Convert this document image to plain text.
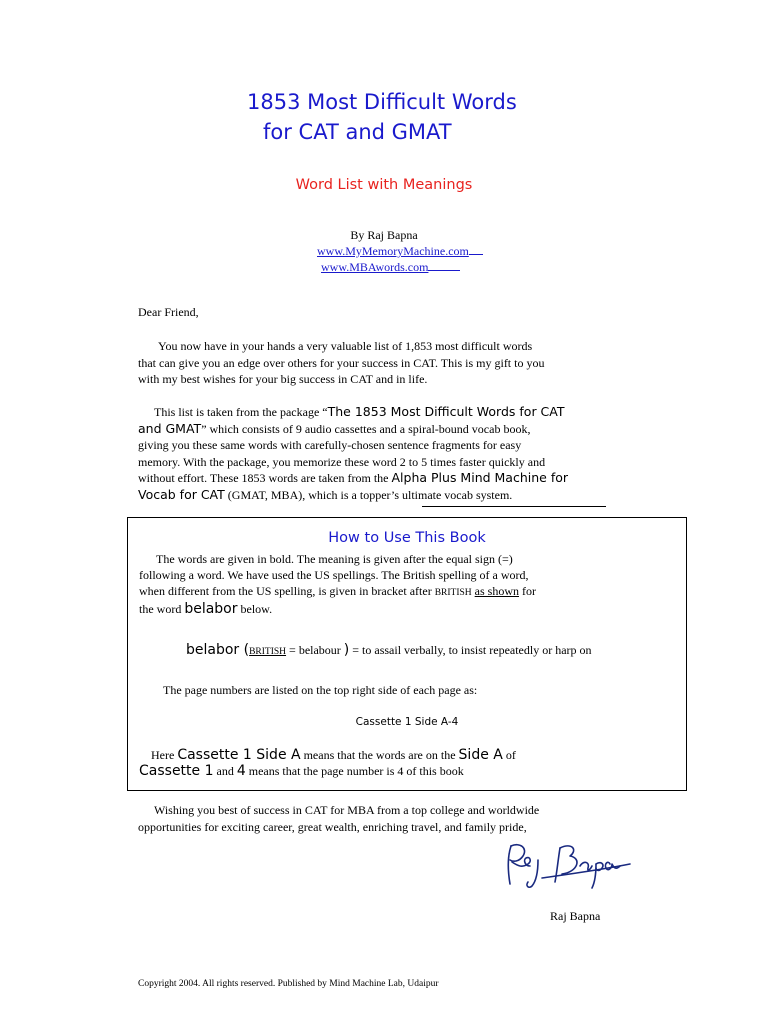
1853 Most Difficult Words
for CAT and GMAT
Word List with Meanings
By Raj Bapna
www.MyMemoryMachine.com
www.MBAwords.com
Dear Friend,
You now have in your hands a very valuable list of 1,853 most difficult words
that can give you an edge over others for your success in CAT. This is my gift to you
with my best wishes for your big success in CAT and in life.
This list is taken from the package “The 1853 Most Difficult Words for CAT
and GMAT” which consists of 9 audio cassettes and a spiral-bound vocab book,
giving you these same words with carefully-chosen sentence fragments for easy
memory. With the package, you memorize these word 2 to 5 times faster quickly and
without effort. These 1853 words are taken from the Alpha Plus Mind Machine for
Vocab for CAT (GMAT, MBA), which is a topper’s ultimate vocab system.
How to Use This Book
The words are given in bold. The meaning is given after the equal sign (=)
following a word. We have used the US spellings. The British spelling of a word,
when different from the US spelling, is given in bracket after BRITISH as shown for
the word belabor below.
belabor (BRITISH = belabour ) = to assail verbally, to insist repeatedly or harp on
The page numbers are listed on the top right side of each page as:
Cassette 1 Side A-4
Here Cassette 1 Side A means that the words are on the Side A of
Cassette 1 and 4 means that the page number is 4 of this book
Wishing you best of success in CAT for MBA from a top college and worldwide
opportunities for exciting career, great wealth, enriching travel, and family pride,
Raj Bapna
Copyright 2004. All rights reserved. Published by Mind Machine Lab, Udaipur
